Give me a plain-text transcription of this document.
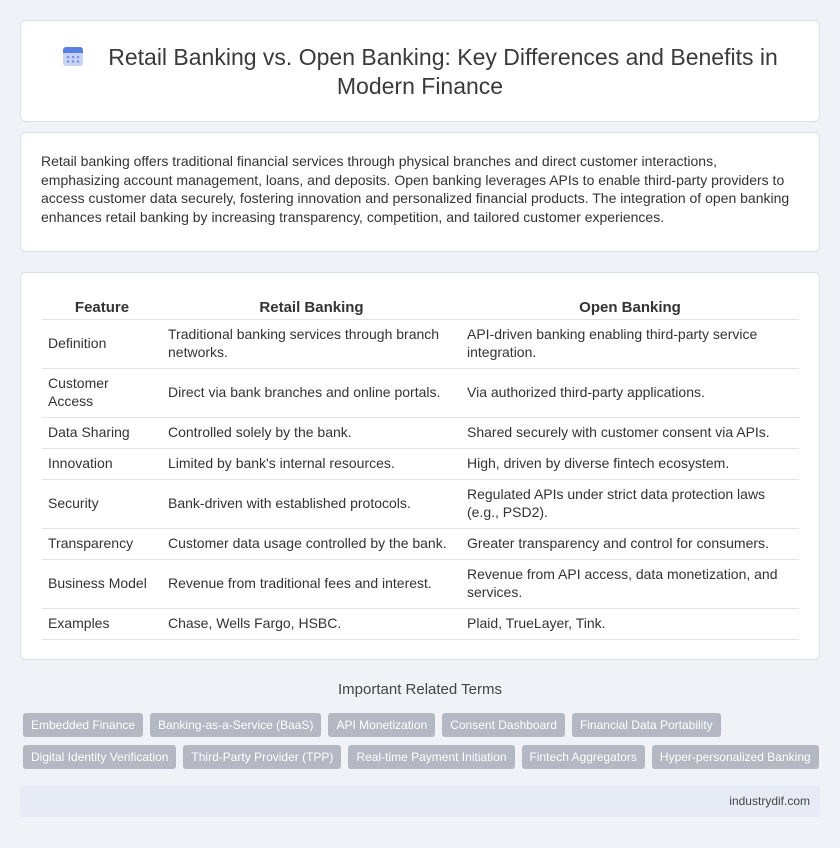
Retail Banking vs. Open Banking: Key Differences and Benefits in Modern Finance

Retail banking offers traditional financial services through physical branches and direct customer interactions, emphasizing account management, loans, and deposits. Open banking leverages APIs to enable third-party providers to access customer data securely, fostering innovation and personalized financial products. The integration of open banking enhances retail banking by increasing transparency, competition, and tailored customer experiences.

Feature	Retail Banking	Open Banking
Definition	Traditional banking services through branch networks.	API-driven banking enabling third-party service integration.
Customer Access	Direct via bank branches and online portals.	Via authorized third-party applications.
Data Sharing	Controlled solely by the bank.	Shared securely with customer consent via APIs.
Innovation	Limited by bank's internal resources.	High, driven by diverse fintech ecosystem.
Security	Bank-driven with established protocols.	Regulated APIs under strict data protection laws (e.g., PSD2).
Transparency	Customer data usage controlled by the bank.	Greater transparency and control for consumers.
Business Model	Revenue from traditional fees and interest.	Revenue from API access, data monetization, and services.
Examples	Chase, Wells Fargo, HSBC.	Plaid, TrueLayer, Tink.
Important Related Terms
Embedded Finance	Banking-as-a-Service (BaaS)	API Monetization	Consent Dashboard	Financial Data Portability
Digital Identity Verification	Third-Party Provider (TPP)	Real-time Payment Initiation	Fintech Aggregators	Hyper-personalized Banking
industrydif.com
